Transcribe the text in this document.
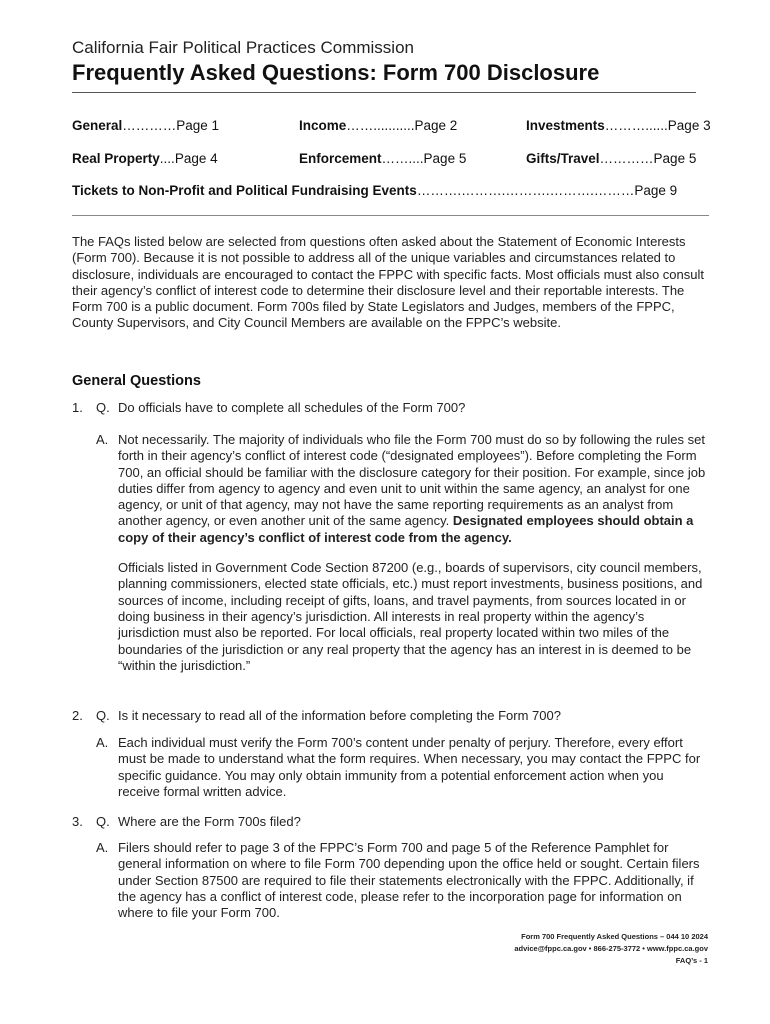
California Fair Political Practices Commission
Frequently Asked Questions: Form 700 Disclosure
General…………Page 1	Income……...........Page 2	Investments………......Page 3
Real Property....Page 4	Enforcement……....Page 5	Gifts/Travel…………Page 5
Tickets to Non-Profit and Political Fundraising Events……….……….……….……….………Page 9
The FAQs listed below are selected from questions often asked about the Statement of Economic Interests (Form 700). Because it is not possible to address all of the unique variables and circumstances related to disclosure, individuals are encouraged to contact the FPPC with specific facts. Most officials must also consult their agency’s conflict of interest code to determine their disclosure level and their reportable interests. The Form 700 is a public document. Form 700s filed by State Legislators and Judges, members of the FPPC, County Supervisors, and City Council Members are available on the FPPC’s website.
General Questions
1. Q. Do officials have to complete all schedules of the Form 700?
A. Not necessarily. The majority of individuals who file the Form 700 must do so by following the rules set forth in their agency’s conflict of interest code (“designated employees”). Before completing the Form 700, an official should be familiar with the disclosure category for their position. For example, since job duties differ from agency to agency and even unit to unit within the same agency, an analyst for one agency, or unit of that agency, may not have the same reporting requirements as an analyst from another agency, or even another unit of the same agency. Designated employees should obtain a copy of their agency’s conflict of interest code from the agency.

Officials listed in Government Code Section 87200 (e.g., boards of supervisors, city council members, planning commissioners, elected state officials, etc.) must report investments, business positions, and sources of income, including receipt of gifts, loans, and travel payments, from sources located in or doing business in their agency’s jurisdiction. All interests in real property within the agency’s jurisdiction must also be reported. For local officials, real property located within two miles of the boundaries of the jurisdiction or any real property that the agency has an interest in is deemed to be “within the jurisdiction.”

2. Q. Is it necessary to read all of the information before completing the Form 700?
A. Each individual must verify the Form 700’s content under penalty of perjury. Therefore, every effort must be made to understand what the form requires. When necessary, you may contact the FPPC for specific guidance. You may only obtain immunity from a potential enforcement action when you receive formal written advice.
3. Q. Where are the Form 700s filed?
A. Filers should refer to page 3 of the FPPC’s Form 700 and page 5 of the Reference Pamphlet for general information on where to file Form 700 depending upon the office held or sought. Certain filers under Section 87500 are required to file their statements electronically with the FPPC. Additionally, if the agency has a conflict of interest code, please refer to the incorporation page for information on where to file your Form 700.
Form 700 Frequently Asked Questions – 044 10 2024
advice@fppc.ca.gov • 866-275-3772 • www.fppc.ca.gov
FAQ’s - 1
